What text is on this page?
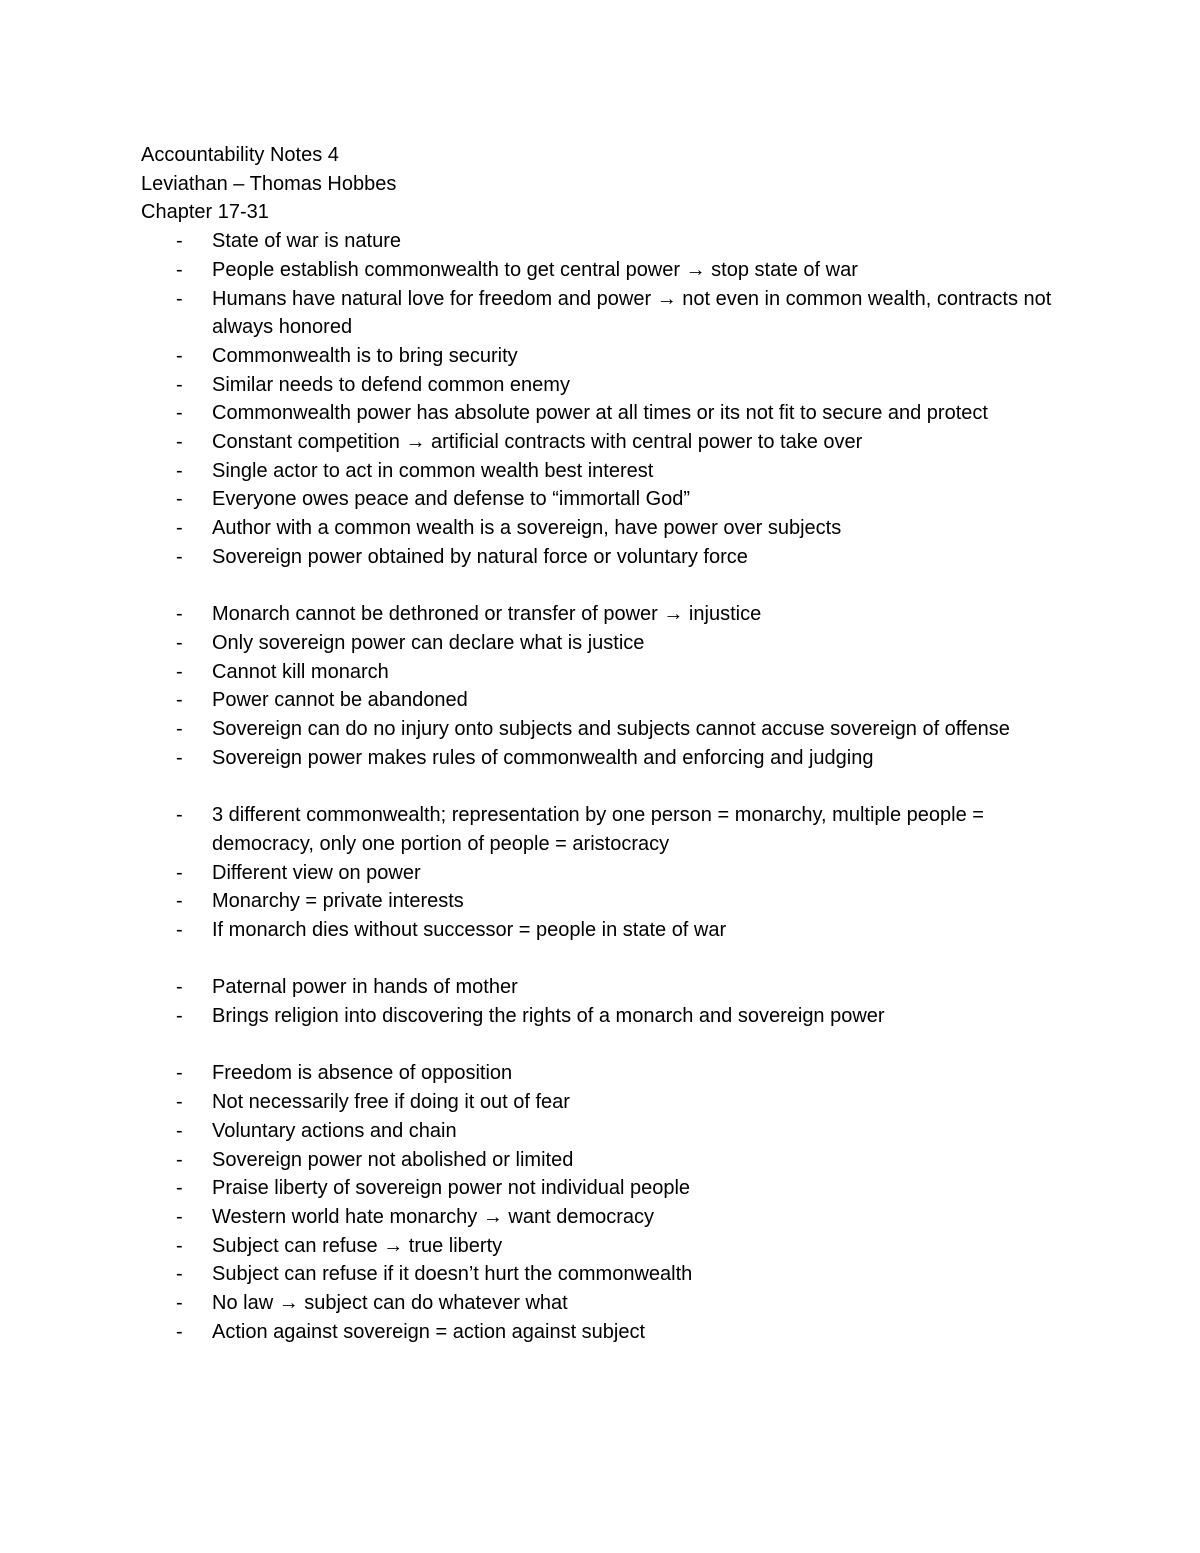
Accountability Notes 4

Leviathan – Thomas Hobbes

Chapter 17-31

- State of war is nature
- People establish commonwealth to get central power → stop state of war
- Humans have natural love for freedom and power → not even in common wealth, contracts not always honored
- Commonwealth is to bring security
- Similar needs to defend common enemy
- Commonwealth power has absolute power at all times or its not fit to secure and protect
- Constant competition → artificial contracts with central power to take over
- Single actor to act in common wealth best interest
- Everyone owes peace and defense to “immortall God”
- Author with a common wealth is a sovereign, have power over subjects
- Sovereign power obtained by natural force or voluntary force
- Monarch cannot be dethroned or transfer of power → injustice
- Only sovereign power can declare what is justice
- Cannot kill monarch
- Power cannot be abandoned
- Sovereign can do no injury onto subjects and subjects cannot accuse sovereign of offense
- Sovereign power makes rules of commonwealth and enforcing and judging
- 3 different commonwealth; representation by one person = monarchy, multiple people = democracy, only one portion of people = aristocracy
- Different view on power
- Monarchy = private interests
- If monarch dies without successor = people in state of war
- Paternal power in hands of mother
- Brings religion into discovering the rights of a monarch and sovereign power
- Freedom is absence of opposition
- Not necessarily free if doing it out of fear
- Voluntary actions and chain
- Sovereign power not abolished or limited
- Praise liberty of sovereign power not individual people
- Western world hate monarchy → want democracy
- Subject can refuse → true liberty
- Subject can refuse if it doesn’t hurt the commonwealth
- No law → subject can do whatever what
- Action against sovereign = action against subject
